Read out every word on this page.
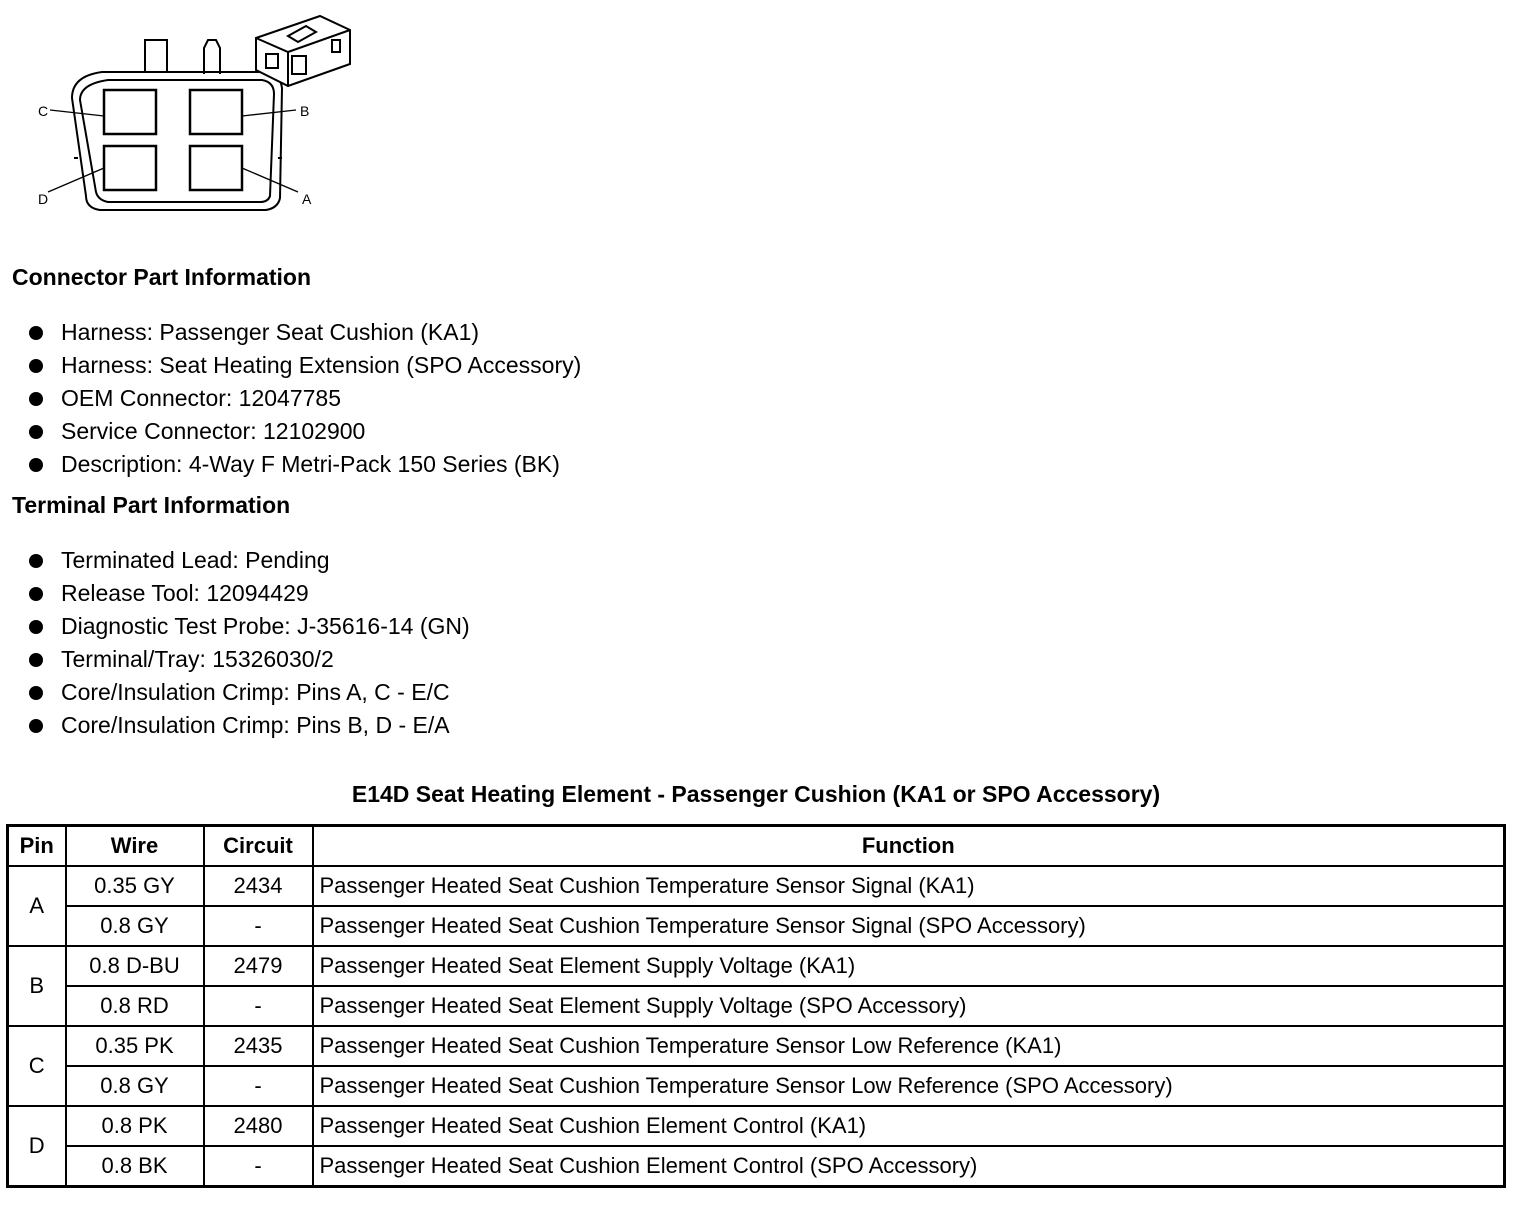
C	B
D	A
Connector Part Information
Harness: Passenger Seat Cushion (KA1)
Harness: Seat Heating Extension (SPO Accessory)
OEM Connector: 12047785
Service Connector: 12102900
Description: 4-Way F Metri-Pack 150 Series (BK)
Terminal Part Information
Terminated Lead: Pending
Release Tool: 12094429
Diagnostic Test Probe: J-35616-14 (GN)
Terminal/Tray: 15326030/2
Core/Insulation Crimp: Pins A, C - E/C
Core/Insulation Crimp: Pins B, D - E/A
E14D Seat Heating Element - Passenger Cushion (KA1 or SPO Accessory)
Pin	Wire	Circuit	Function
A	0.35 GY	2434	Passenger Heated Seat Cushion Temperature Sensor Signal (KA1)
	0.8 GY	-	Passenger Heated Seat Cushion Temperature Sensor Signal (SPO Accessory)
B	0.8 D-BU	2479	Passenger Heated Seat Element Supply Voltage (KA1)
	0.8 RD	-	Passenger Heated Seat Element Supply Voltage (SPO Accessory)
C	0.35 PK	2435	Passenger Heated Seat Cushion Temperature Sensor Low Reference (KA1)
	0.8 GY	-	Passenger Heated Seat Cushion Temperature Sensor Low Reference (SPO Accessory)
D	0.8 PK	2480	Passenger Heated Seat Cushion Element Control (KA1)
	0.8 BK	-	Passenger Heated Seat Cushion Element Control (SPO Accessory)
